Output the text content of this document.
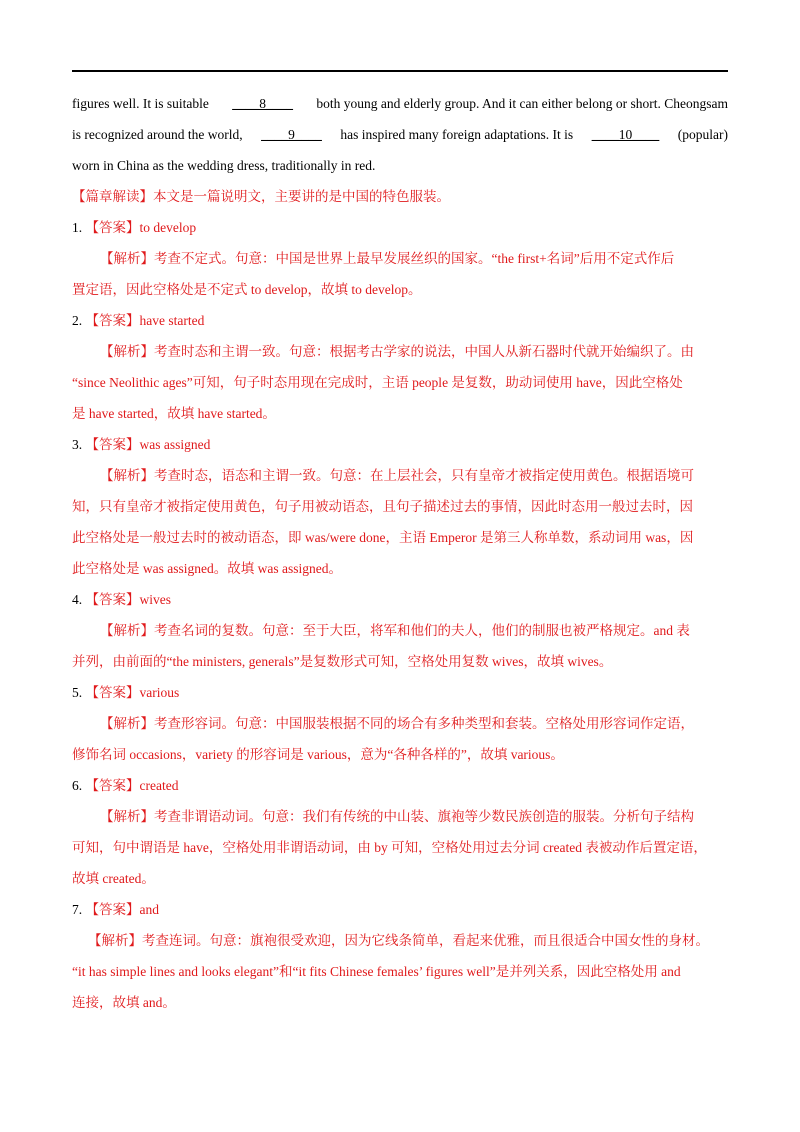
figures well. It is suitable ____8____ both young and elderly group. And it can either belong or short. Cheongsam
is recognized around the world, ____9____ has inspired many foreign adaptations. It is ____10____ (popular)
worn in China as the wedding dress, traditionally in red.
【篇章解读】本文是一篇说明文，主要讲的是中国的特色服装。
1. 【答案】to develop
【解析】考查不定式。句意：中国是世界上最早发展丝织的国家。“the first+名词”后用不定式作后
置定语，因此空格处是不定式 to develop，故填 to develop。
2. 【答案】have started
【解析】考查时态和主谓一致。句意：根据考古学家的说法，中国人从新石器时代就开始编织了。由
“since Neolithic ages”可知，句子时态用现在完成时，主语 people 是复数，助动词使用 have，因此空格处
是 have started，故填 have started。
3. 【答案】was assigned
【解析】考查时态，语态和主谓一致。句意：在上层社会，只有皇帝才被指定使用黄色。根据语境可
知，只有皇帝才被指定使用黄色，句子用被动语态，且句子描述过去的事情，因此时态用一般过去时，因
此空格处是一般过去时的被动语态，即 was/were done，主语 Emperor 是第三人称单数，系动词用 was，因
此空格处是 was assigned。故填 was assigned。
4. 【答案】wives
【解析】考查名词的复数。句意：至于大臣，将军和他们的夫人，他们的制服也被严格规定。and 表
并列，由前面的“the ministers, generals”是复数形式可知，空格处用复数 wives，故填 wives。
5. 【答案】various
【解析】考查形容词。句意：中国服装根据不同的场合有多种类型和套装。空格处用形容词作定语，
修饰名词 occasions，variety 的形容词是 various，意为“各种各样的”，故填 various。
6. 【答案】created
【解析】考查非谓语动词。句意：我们有传统的中山装、旗袍等少数民族创造的服装。分析句子结构
可知，句中谓语是 have，空格处用非谓语动词，由 by 可知，空格处用过去分词 created 表被动作后置定语，
故填 created。
7. 【答案】and
【解析】考查连词。句意：旗袍很受欢迎，因为它线条简单，看起来优雅，而且很适合中国女性的身材。
“it has simple lines and looks elegant”和“it fits Chinese females’ figures well”是并列关系，因此空格处用 and
连接，故填 and。
